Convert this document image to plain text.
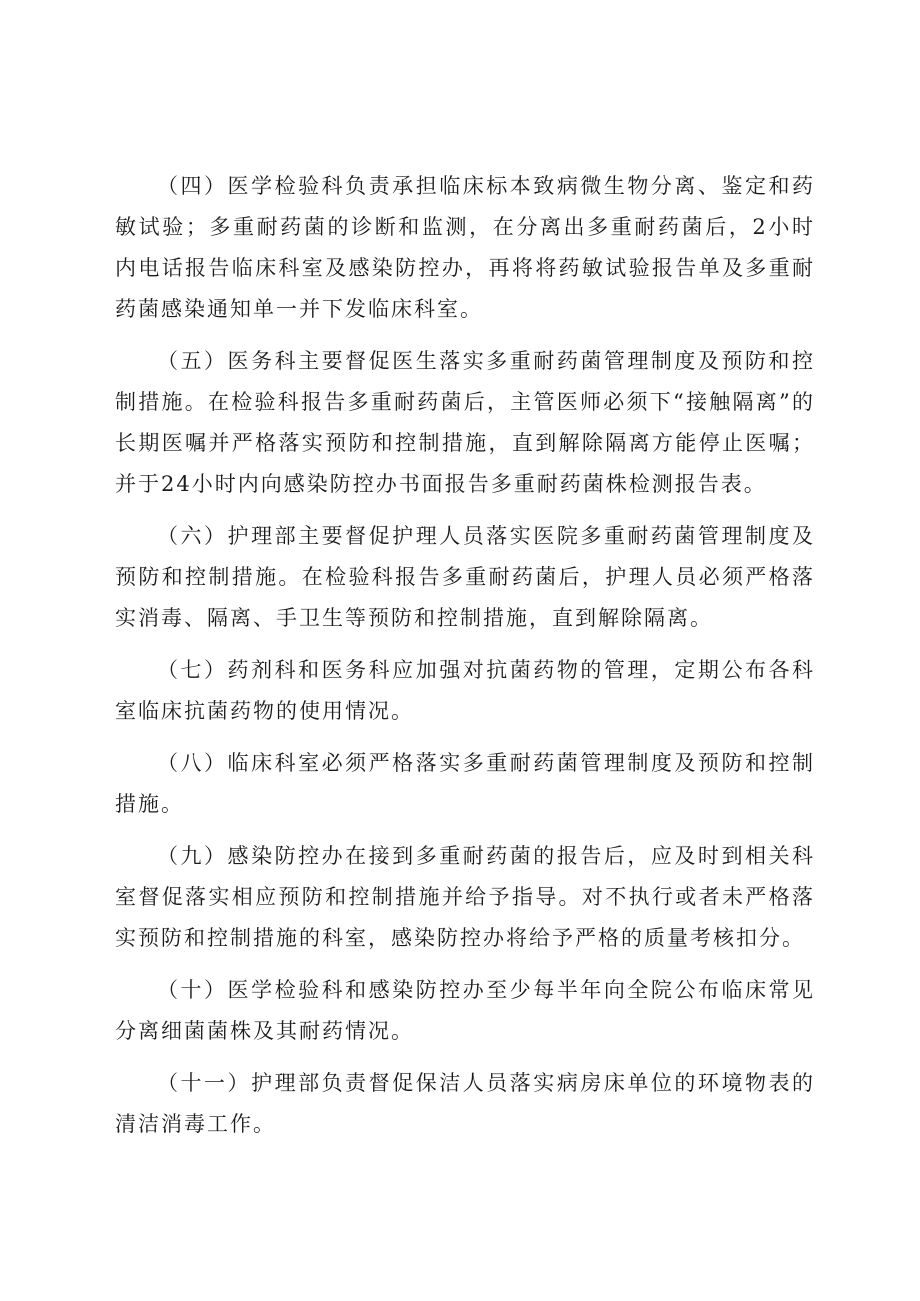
（四）医学检验科负责承担临床标本致病微生物分离、鉴定和药敏试验；多重耐药菌的诊断和监测，在分离出多重耐药菌后，2小时内电话报告临床科室及感染防控办，再将将药敏试验报告单及多重耐药菌感染通知单一并下发临床科室。

（五）医务科主要督促医生落实多重耐药菌管理制度及预防和控制措施。在检验科报告多重耐药菌后，主管医师必须下“接触隔离”的长期医嘱并严格落实预防和控制措施，直到解除隔离方能停止医嘱；并于24小时内向感染防控办书面报告多重耐药菌株检测报告表。

（六）护理部主要督促护理人员落实医院多重耐药菌管理制度及预防和控制措施。在检验科报告多重耐药菌后，护理人员必须严格落实消毒、隔离、手卫生等预防和控制措施，直到解除隔离。

（七）药剂科和医务科应加强对抗菌药物的管理，定期公布各科室临床抗菌药物的使用情况。

（八）临床科室必须严格落实多重耐药菌管理制度及预防和控制措施。

（九）感染防控办在接到多重耐药菌的报告后，应及时到相关科室督促落实相应预防和控制措施并给予指导。对不执行或者未严格落实预防和控制措施的科室，感染防控办将给予严格的质量考核扣分。

（十）医学检验科和感染防控办至少每半年向全院公布临床常见分离细菌菌株及其耐药情况。

（十一）护理部负责督促保洁人员落实病房床单位的环境物表的清洁消毒工作。
